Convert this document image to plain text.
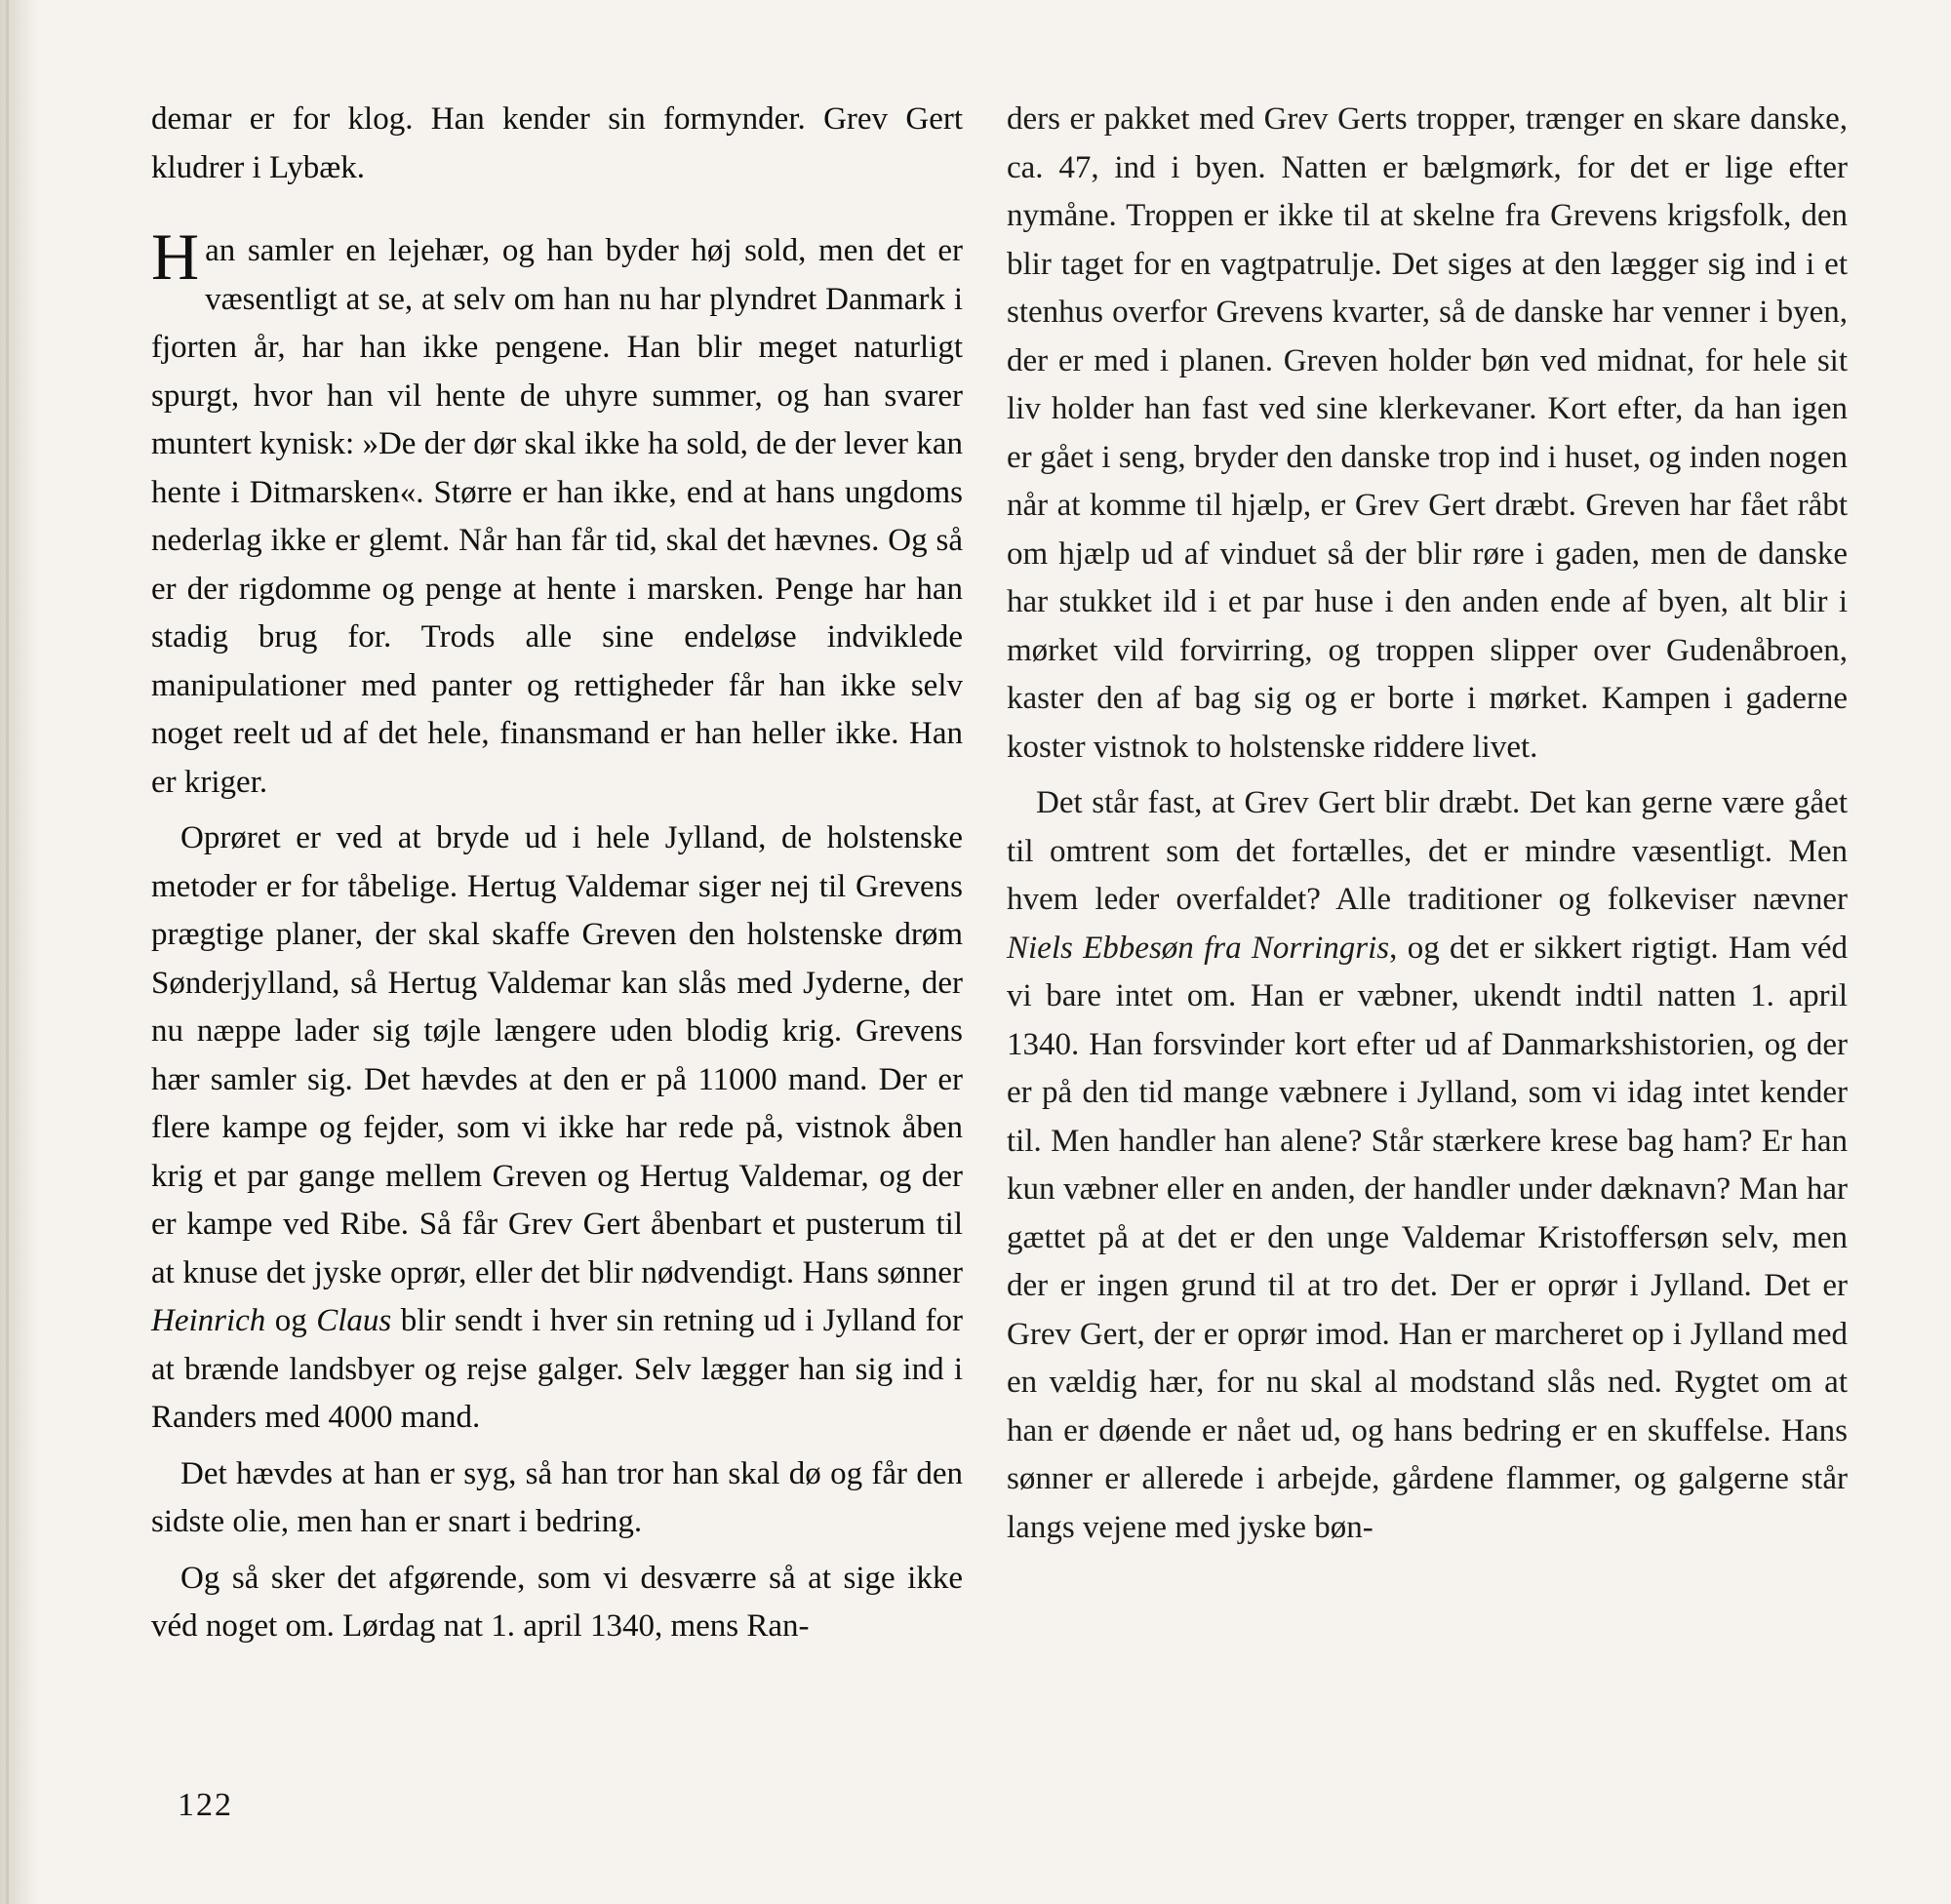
demar er for klog. Han kender sin formynder. Grev Gert kludrer i Lybæk.

Han samler en lejehær, og han byder høj sold, men det er væsentligt at se, at selv om han nu har plyndret Danmark i fjorten år, har han ikke pengene. Han blir meget naturligt spurgt, hvor han vil hente de uhyre summer, og han svarer muntert kynisk: »De der dør skal ikke ha sold, de der lever kan hente i Ditmarsken«. Større er han ikke, end at hans ungdoms nederlag ikke er glemt. Når han får tid, skal det hævnes. Og så er der rigdomme og penge at hente i marsken. Penge har han stadig brug for. Trods alle sine endeløse indviklede manipulationer med panter og rettigheder får han ikke selv noget reelt ud af det hele, finansmand er han heller ikke. Han er kriger.

Oprøret er ved at bryde ud i hele Jylland, de holstenske metoder er for tåbelige. Hertug Valdemar siger nej til Grevens prægtige planer, der skal skaffe Greven den holstenske drøm Sønderjylland, så Hertug Valdemar kan slås med Jyderne, der nu næppe lader sig tøjle længere uden blodig krig. Grevens hær samler sig. Det hævdes at den er på 11000 mand. Der er flere kampe og fejder, som vi ikke har rede på, vistnok åben krig et par gange mellem Greven og Hertug Valdemar, og der er kampe ved Ribe. Så får Grev Gert åbenbart et pusterum til at knuse det jyske oprør, eller det blir nødvendigt. Hans sønner Heinrich og Claus blir sendt i hver sin retning ud i Jylland for at brænde landsbyer og rejse galger. Selv lægger han sig ind i Randers med 4000 mand.

Det hævdes at han er syg, så han tror han skal dø og får den sidste olie, men han er snart i bedring.

Og så sker det afgørende, som vi desværre så at sige ikke véd noget om. Lørdag nat 1. april 1340, mens Ran-

ders er pakket med Grev Gerts tropper, trænger en skare danske, ca. 47, ind i byen. Natten er bælgmørk, for det er lige efter nymåne. Troppen er ikke til at skelne fra Grevens krigsfolk, den blir taget for en vagtpatrulje. Det siges at den lægger sig ind i et stenhus overfor Grevens kvarter, så de danske har venner i byen, der er med i planen. Greven holder bøn ved midnat, for hele sit liv holder han fast ved sine klerkevaner. Kort efter, da han igen er gået i seng, bryder den danske trop ind i huset, og inden nogen når at komme til hjælp, er Grev Gert dræbt. Greven har fået råbt om hjælp ud af vinduet så der blir røre i gaden, men de danske har stukket ild i et par huse i den anden ende af byen, alt blir i mørket vild forvirring, og troppen slipper over Gudenåbroen, kaster den af bag sig og er borte i mørket. Kampen i gaderne koster vistnok to holstenske riddere livet.

Det står fast, at Grev Gert blir dræbt. Det kan gerne være gået til omtrent som det fortælles, det er mindre væsentligt. Men hvem leder overfaldet? Alle traditioner og folkeviser nævner Niels Ebbesøn fra Norringris, og det er sikkert rigtigt. Ham véd vi bare intet om. Han er væbner, ukendt indtil natten 1. april 1340. Han forsvinder kort efter ud af Danmarkshistorien, og der er på den tid mange væbnere i Jylland, som vi idag intet kender til. Men handler han alene? Står stærkere krese bag ham? Er han kun væbner eller en anden, der handler under dæknavn? Man har gættet på at det er den unge Valdemar Kristoffersøn selv, men der er ingen grund til at tro det. Der er oprør i Jylland. Det er Grev Gert, der er oprør imod. Han er marcheret op i Jylland med en vældig hær, for nu skal al modstand slås ned. Rygtet om at han er døende er nået ud, og hans bedring er en skuffelse. Hans sønner er allerede i arbejde, gårdene flammer, og galgerne står langs vejene med jyske bøn-

122
